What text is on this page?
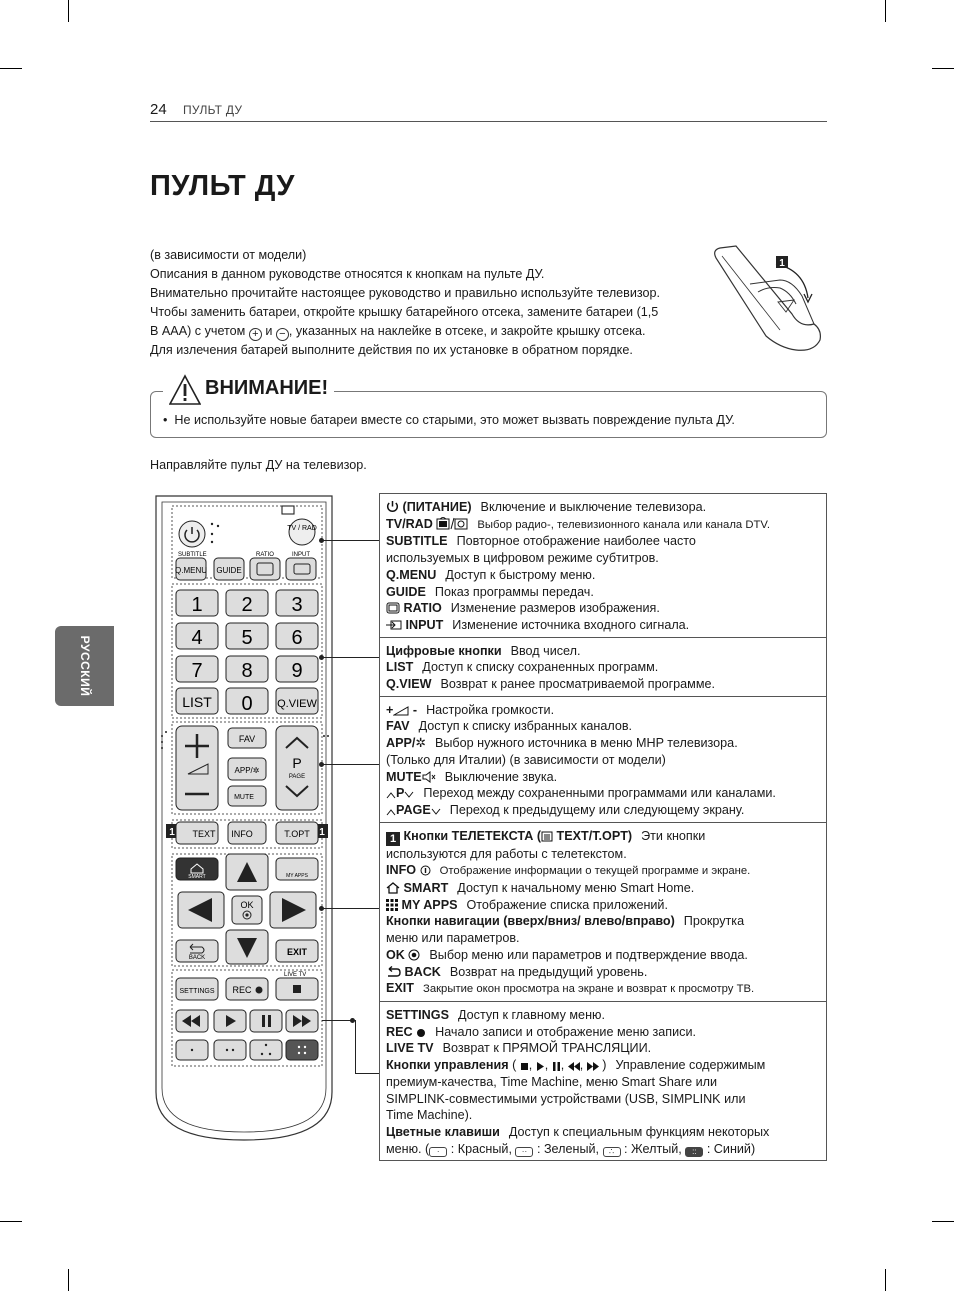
24 ПУЛЬТ ДУ
РУССКИЙ
ПУЛЬТ ДУ

(в зависимости от модели)

Описания в данном руководстве относятся к кнопкам на пульте ДУ.

Внимательно прочитайте настоящее руководство и правильно используйте телевизор.

Чтобы заменить батареи, откройте крышку батарейного отсека, замените батареи (1,5

В ААА) с учетом + и − , указанных на наклейке в отсеке, и закройте крышку отсека.

Для излечения батарей выполните действия по их установке в обратном порядке.

1
ВНИМАНИЕ!
•  Не используйте новые батареи вместе со старыми, это может вызвать повреждение пульта ДУ.
Направляйте пульт ДУ на телевизор.
TV / RAD
SUBTITLE	RATIO	INPUT
Q.MENU GUIDE
1 2 3
4 5 6
7 8 9
LIST 0 Q.VIEW
FAV
APP/✲
MUTE
P
PAGE
1	1
TEXT INFO	T.OPT
SMART	MY APPS
OK
BACK
EXIT
LIVE TV
SETTINGS REC
(ПИТАНИЕ) Включение и выключение телевизора.
TV/RAD	Выбор радио-, телевизионного канала или канала DTV.
SUBTITLE Повторное отображение наиболее часто
используемых в цифровом режиме субтитров.
Q.MENU Доступ к быстрому меню.
GUIDE Показ программы передач.
RATIO Изменение размеров изображения.
INPUT Изменение источника входного сигнала.
Цифровые кнопки Ввод чисел.
LIST Доступ к списку сохраненных программ.
Q.VIEW Возврат к ранее просматриваемой программе.
+ - Настройка громкости.
FAV Доступ к списку избранных каналов.
APP/✲ Выбор нужного источника в меню MHP телевизора.
(Только для Италии) (в зависимости от модели)
MUTE Выключение звука.
P Переход между сохраненными программами или каналами.
PAGE Переход к предыдущему или следующему экрану.
1 Кнопки ТЕЛЕТЕКСТА ( TEXT/T.OPT) Эти кнопки
используются для работы с телетекстом.
INFO Отображение информации о текущей программе и экране.
SMART Доступ к начальному меню Smart Home.
MY APPS Отображение списка приложений.
Кнопки навигации (вверх/вниз/ влево/вправо) Прокрутка
меню или параметров.
OK Выбор меню или параметров и подтверждение ввода.
BACK Возврат на предыдущий уровень.
EXIT Закрытие окон просмотра на экране и возврат к просмотру ТВ.
SETTINGS Доступ к главному меню.
REC Начало записи и отображение меню записи.
LIVE TV Возврат к ПРЯМОЙ ТРАНСЛЯЦИИ.
Кнопки управления ( ,
,
,
,
) Управление содержимым
премиум-качества, Time Machine, меню Smart Share или
SIMPLINK-совместимыми устройствами (USB, SIMPLINK или
Time Machine).
Цветные клавиши Доступ к специальным функциям некоторых
меню. ( · : Красный, ·· : Зеленый, ∴ : Желтый, :: : Синий)
